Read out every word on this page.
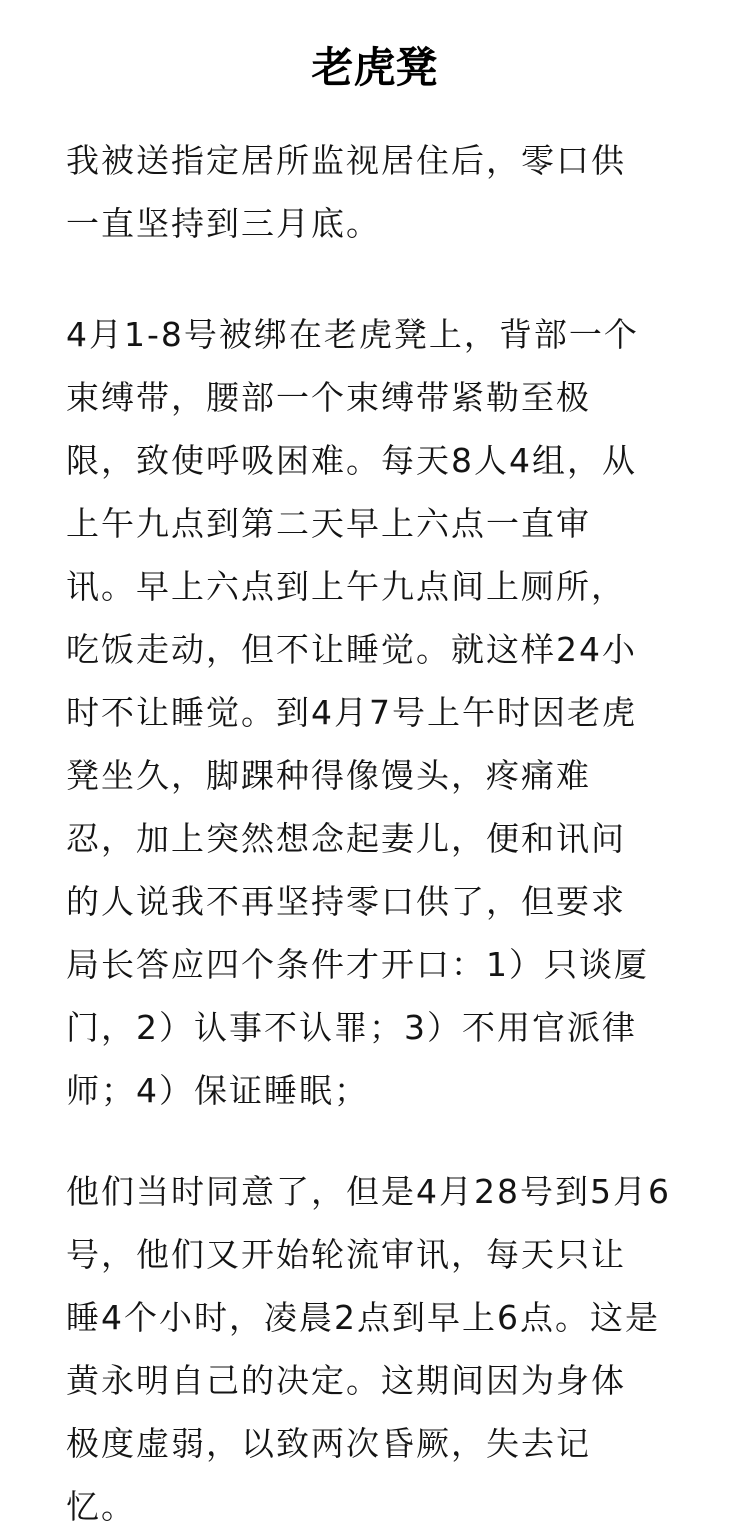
老虎凳
我被送指定居所监视居住后，零口供
一直坚持到三月底。
4月1-8号被绑在老虎凳上，背部一个
束缚带，腰部一个束缚带紧勒至极
限，致使呼吸困难。每天8人4组，从
上午九点到第二天早上六点一直审
讯。早上六点到上午九点间上厕所，
吃饭走动，但不让睡觉。就这样24小
时不让睡觉。到4月7号上午时因老虎
凳坐久，脚踝种得像馒头，疼痛难
忍，加上突然想念起妻儿，便和讯问
的人说我不再坚持零口供了，但要求
局长答应四个条件才开口：1）只谈厦
门，2）认事不认罪；3）不用官派律
师；4）保证睡眠；
他们当时同意了，但是4月28号到5月6
号，他们又开始轮流审讯，每天只让
睡4个小时，凌晨2点到早上6点。这是
黄永明自己的决定。这期间因为身体
极度虚弱，以致两次昏厥，失去记
忆。
